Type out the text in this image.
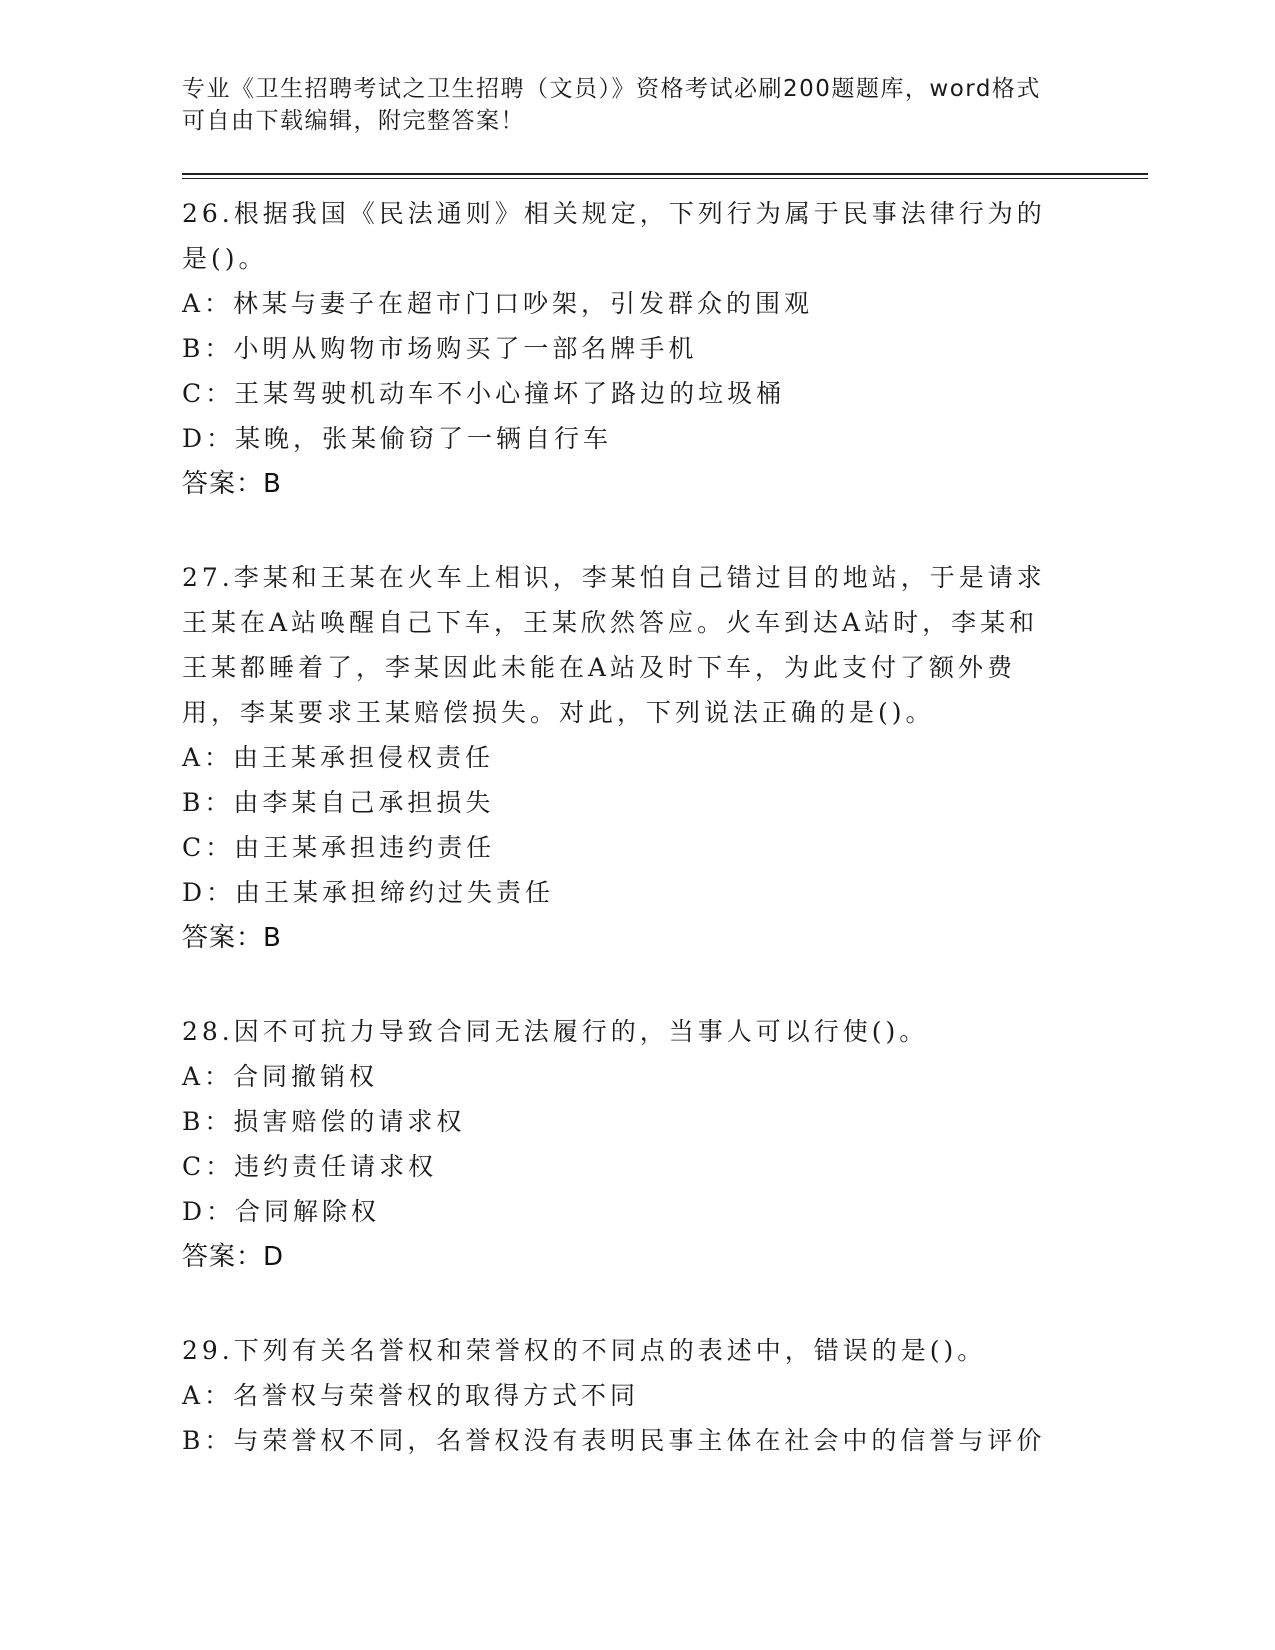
专业《卫生招聘考试之卫生招聘（文员）》资格考试必刷200题题库，word格式可自由下载编辑，附完整答案！

26.根据我国《民法通则》相关规定，下列行为属于民事法律行为的是()。

A：林某与妻子在超市门口吵架，引发群众的围观

B：小明从购物市场购买了一部名牌手机

C：王某驾驶机动车不小心撞坏了路边的垃圾桶

D：某晚，张某偷窃了一辆自行车

答案：B

27.李某和王某在火车上相识，李某怕自己错过目的地站，于是请求王某在A站唤醒自己下车，王某欣然答应。火车到达A站时，李某和王某都睡着了，李某因此未能在A站及时下车，为此支付了额外费用，李某要求王某赔偿损失。对此，下列说法正确的是()。

A：由王某承担侵权责任

B：由李某自己承担损失

C：由王某承担违约责任

D：由王某承担缔约过失责任

答案：B

28.因不可抗力导致合同无法履行的，当事人可以行使()。

A：合同撤销权

B：损害赔偿的请求权

C：违约责任请求权

D：合同解除权

答案：D

29.下列有关名誉权和荣誉权的不同点的表述中，错误的是()。

A：名誉权与荣誉权的取得方式不同

B：与荣誉权不同，名誉权没有表明民事主体在社会中的信誉与评价
